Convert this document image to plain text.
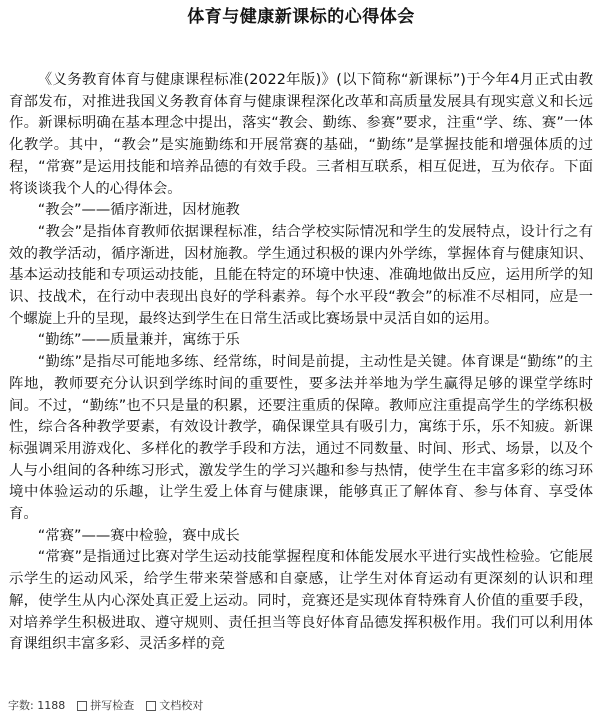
体育与健康新课标的心得体会

《义务教育体育与健康课程标准(2022年版)》(以下简称“新课标”)于今年4月正式由教育部发布，对推进我国义务教育体育与健康课程深化改革和高质量发展具有现实意义和长远作。新课标明确在基本理念中提出，落实“教会、勤练、参赛”要求，注重“学、练、赛”一体化教学。其中，“教会”是实施勤练和开展常赛的基础，“勤练”是掌握技能和增强体质的过程，“常赛”是运用技能和培养品德的有效手段。三者相互联系，相互促进，互为依存。下面将谈谈我个人的心得体会。

“教会”——循序渐进，因材施教

“教会”是指体育教师依据课程标准，结合学校实际情况和学生的发展特点，设计行之有效的教学活动，循序渐进，因材施教。学生通过积极的课内外学练，掌握体育与健康知识、基本运动技能和专项运动技能，且能在特定的环境中快速、准确地做出反应，运用所学的知识、技战术，在行动中表现出良好的学科素养。每个水平段“教会”的标准不尽相同，应是一个螺旋上升的呈现，最终达到学生在日常生活或比赛场景中灵活自如的运用。

“勤练”——质量兼并，寓练于乐

“勤练”是指尽可能地多练、经常练，时间是前提，主动性是关键。体育课是“勤练”的主阵地，教师要充分认识到学练时间的重要性，要多法并举地为学生赢得足够的课堂学练时间。不过，“勤练”也不只是量的积累，还要注重质的保障。教师应注重提高学生的学练积极性，综合各种教学要素，有效设计教学，确保课堂具有吸引力，寓练于乐，乐不知疲。新课标强调采用游戏化、多样化的教学手段和方法，通过不同数量、时间、形式、场景，以及个人与小组间的各种练习形式，激发学生的学习兴趣和参与热情，使学生在丰富多彩的练习环境中体验运动的乐趣，让学生爱上体育与健康课，能够真正了解体育、参与体育、享受体育。

“常赛”——赛中检验，赛中成长

“常赛”是指通过比赛对学生运动技能掌握程度和体能发展水平进行实战性检验。它能展示学生的运动风采，给学生带来荣誉感和自豪感，让学生对体育运动有更深刻的认识和理解，使学生从内心深处真正爱上运动。同时，竞赛还是实现体育特殊育人价值的重要手段，对培养学生积极进取、遵守规则、责任担当等良好体育品德发挥积极作用。我们可以利用体育课组织丰富多彩、灵活多样的竞

字数: 1188 拼写检查 文档校对
